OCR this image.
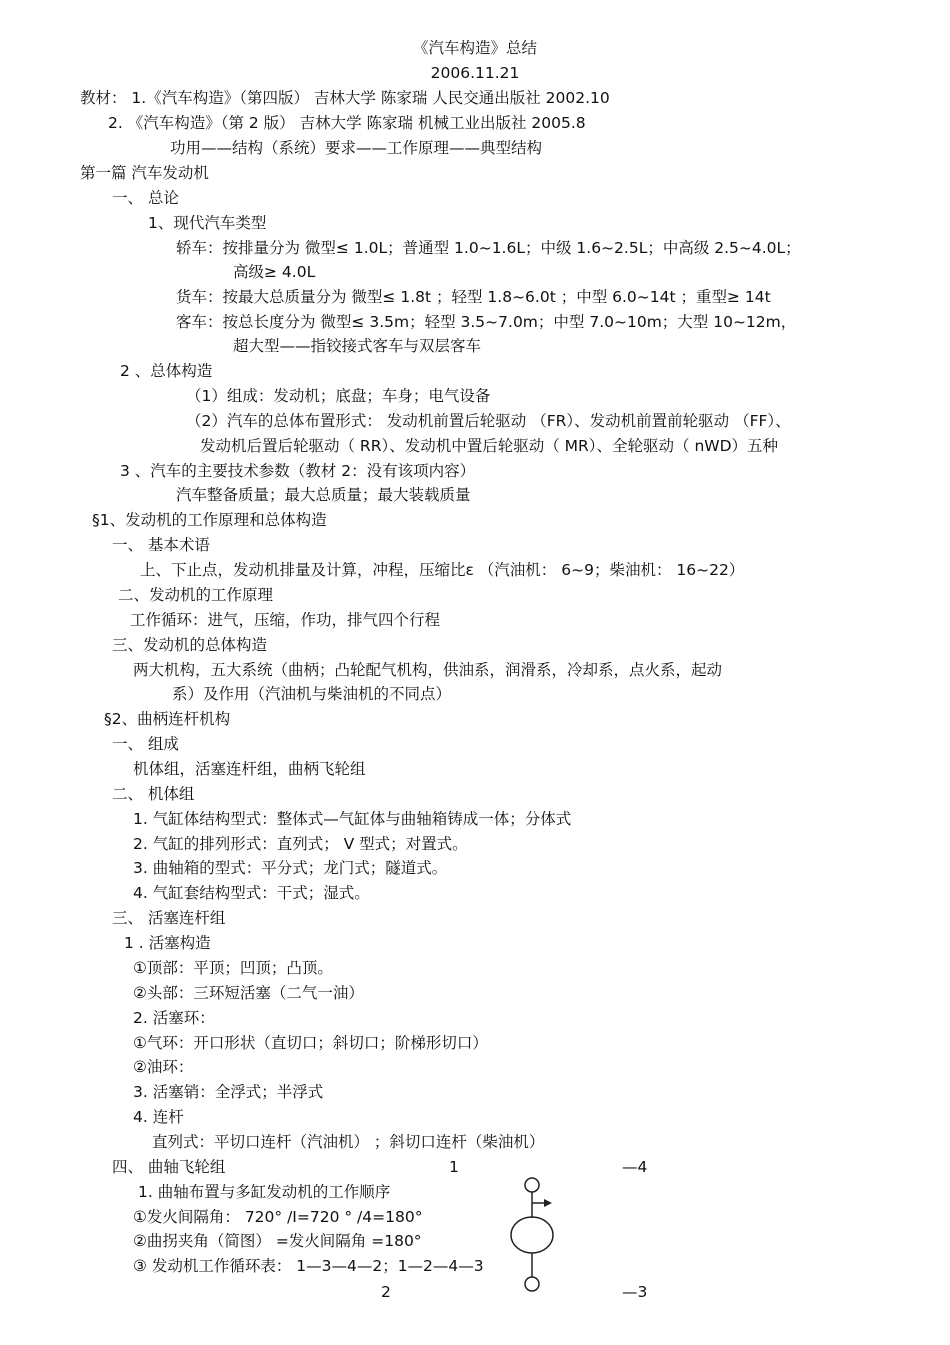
《汽车构造》总结
2006.11.21
教材： 1.《汽车构造》（第四版） 吉林大学 陈家瑞 人民交通出版社 2002.10
2. 《汽车构造》（第 2 版） 吉林大学 陈家瑞 机械工业出版社 2005.8
功用——结构（系统）要求——工作原理——典型结构
第一篇 汽车发动机
一、 总论
1、现代汽车类型
轿车：按排量分为 微型≤ 1.0L；普通型 1.0~1.6L；中级 1.6~2.5L；中高级 2.5~4.0L；
高级≥ 4.0L
货车：按最大总质量分为 微型≤ 1.8t ；轻型 1.8~6.0t ；中型 6.0~14t ；重型≥ 14t
客车：按总长度分为 微型≤ 3.5m；轻型 3.5~7.0m；中型 7.0~10m；大型 10~12m，
超大型——指铰接式客车与双层客车
2 、总体构造
（1）组成：发动机；底盘；车身；电气设备
（2）汽车的总体布置形式： 发动机前置后轮驱动 （FR）、发动机前置前轮驱动 （FF）、
发动机后置后轮驱动（ RR）、发动机中置后轮驱动（ MR）、全轮驱动（ nWD）五种
3 、汽车的主要技术参数（教材 2：没有该项内容）
汽车整备质量；最大总质量；最大装载质量
§1、发动机的工作原理和总体构造
一、 基本术语
上、下止点，发动机排量及计算，冲程，压缩比ε （汽油机： 6~9；柴油机： 16~22）
二、发动机的工作原理
工作循环：进气，压缩，作功，排气四个行程
三、发动机的总体构造
两大机构，五大系统（曲柄；凸轮配气机构，供油系，润滑系，冷却系，点火系，起动
系）及作用（汽油机与柴油机的不同点）
§2、曲柄连杆机构
一、 组成
机体组，活塞连杆组，曲柄飞轮组
二、 机体组
1. 气缸体结构型式：整体式—气缸体与曲轴箱铸成一体；分体式
2. 气缸的排列形式：直列式； V 型式；对置式。
3. 曲轴箱的型式：平分式；龙门式；隧道式。
4. 气缸套结构型式：干式；湿式。
三、 活塞连杆组
1 . 活塞构造
①顶部：平顶；凹顶；凸顶。
②头部：三环短活塞（二气一油）
2. 活塞环：
①气环：开口形状（直切口；斜切口；阶梯形切口）
②油环：
3. 活塞销：全浮式；半浮式
4. 连杆
直列式：平切口连杆（汽油机） ；斜切口连杆（柴油机）
四、 曲轴飞轮组
1. 曲轴布置与多缸发动机的工作顺序
①发火间隔角： 720° /I=720 ° /4=180°
②曲拐夹角（简图） =发火间隔角 =180°
③ 发动机工作循环表： 1—3—4—2；1—2—4—3
1	—4
2	—3
